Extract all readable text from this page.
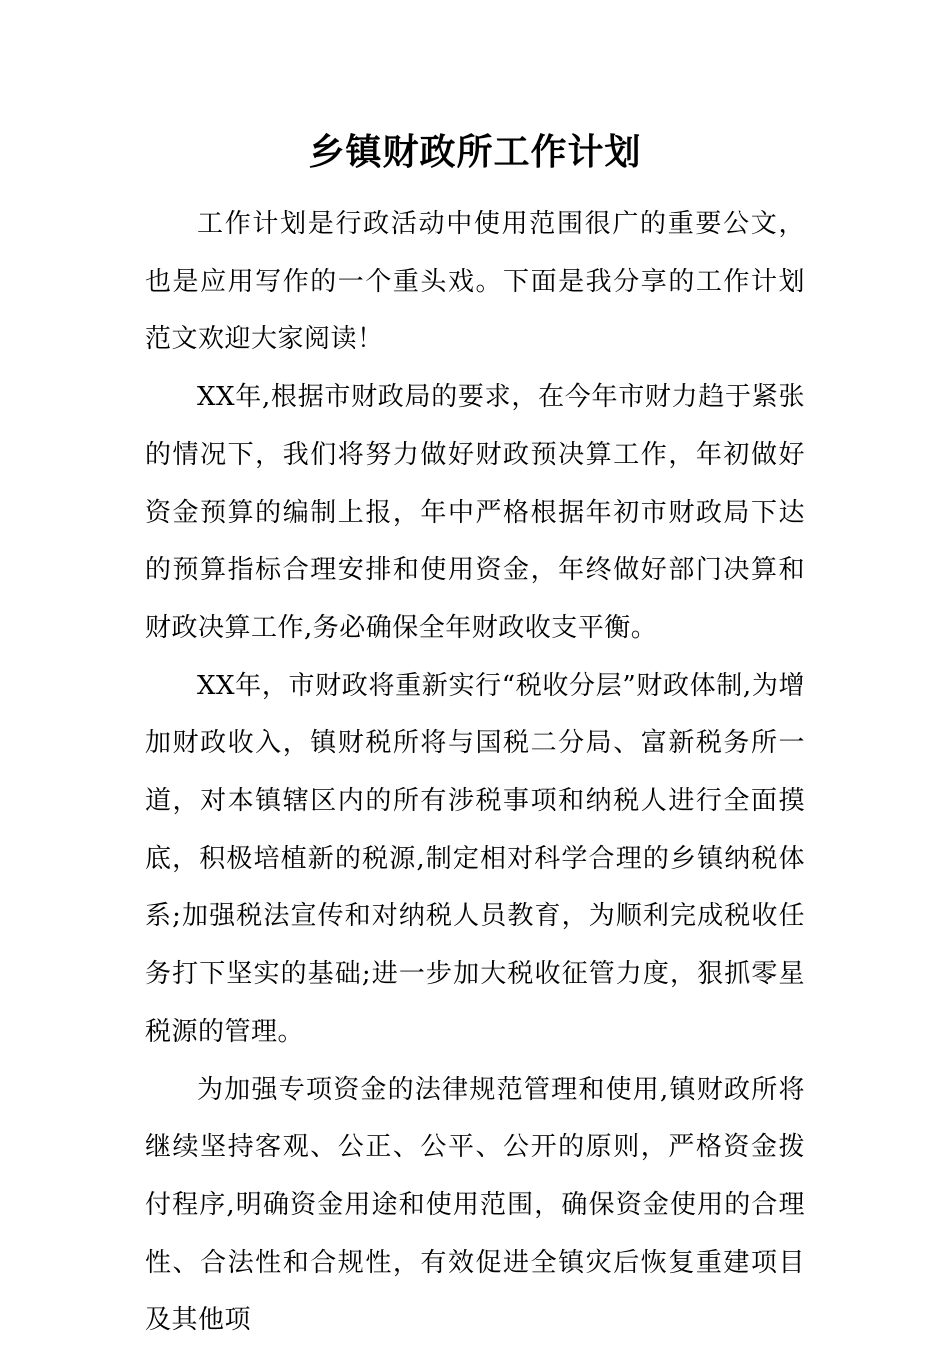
乡镇财政所工作计划

工作计划是行政活动中使用范围很广的重要公文，也是应用写作的一个重头戏。下面是我分享的工作计划范文欢迎大家阅读！

XX年,根据市财政局的要求，在今年市财力趋于紧张的情况下，我们将努力做好财政预决算工作，年初做好资金预算的编制上报，年中严格根据年初市财政局下达的预算指标合理安排和使用资金，年终做好部门决算和财政决算工作,务必确保全年财政收支平衡。

XX年，市财政将重新实行“税收分层”财政体制,为增加财政收入，镇财税所将与国税二分局、富新税务所一道，对本镇辖区内的所有涉税事项和纳税人进行全面摸底，积极培植新的税源,制定相对科学合理的乡镇纳税体系;加强税法宣传和对纳税人员教育，为顺利完成税收任务打下坚实的基础;进一步加大税收征管力度，狠抓零星税源的管理。

为加强专项资金的法律规范管理和使用,镇财政所将继续坚持客观、公正、公平、公开的原则，严格资金拨付程序,明确资金用途和使用范围，确保资金使用的合理性、合法性和合规性，有效促进全镇灾后恢复重建项目及其他项
